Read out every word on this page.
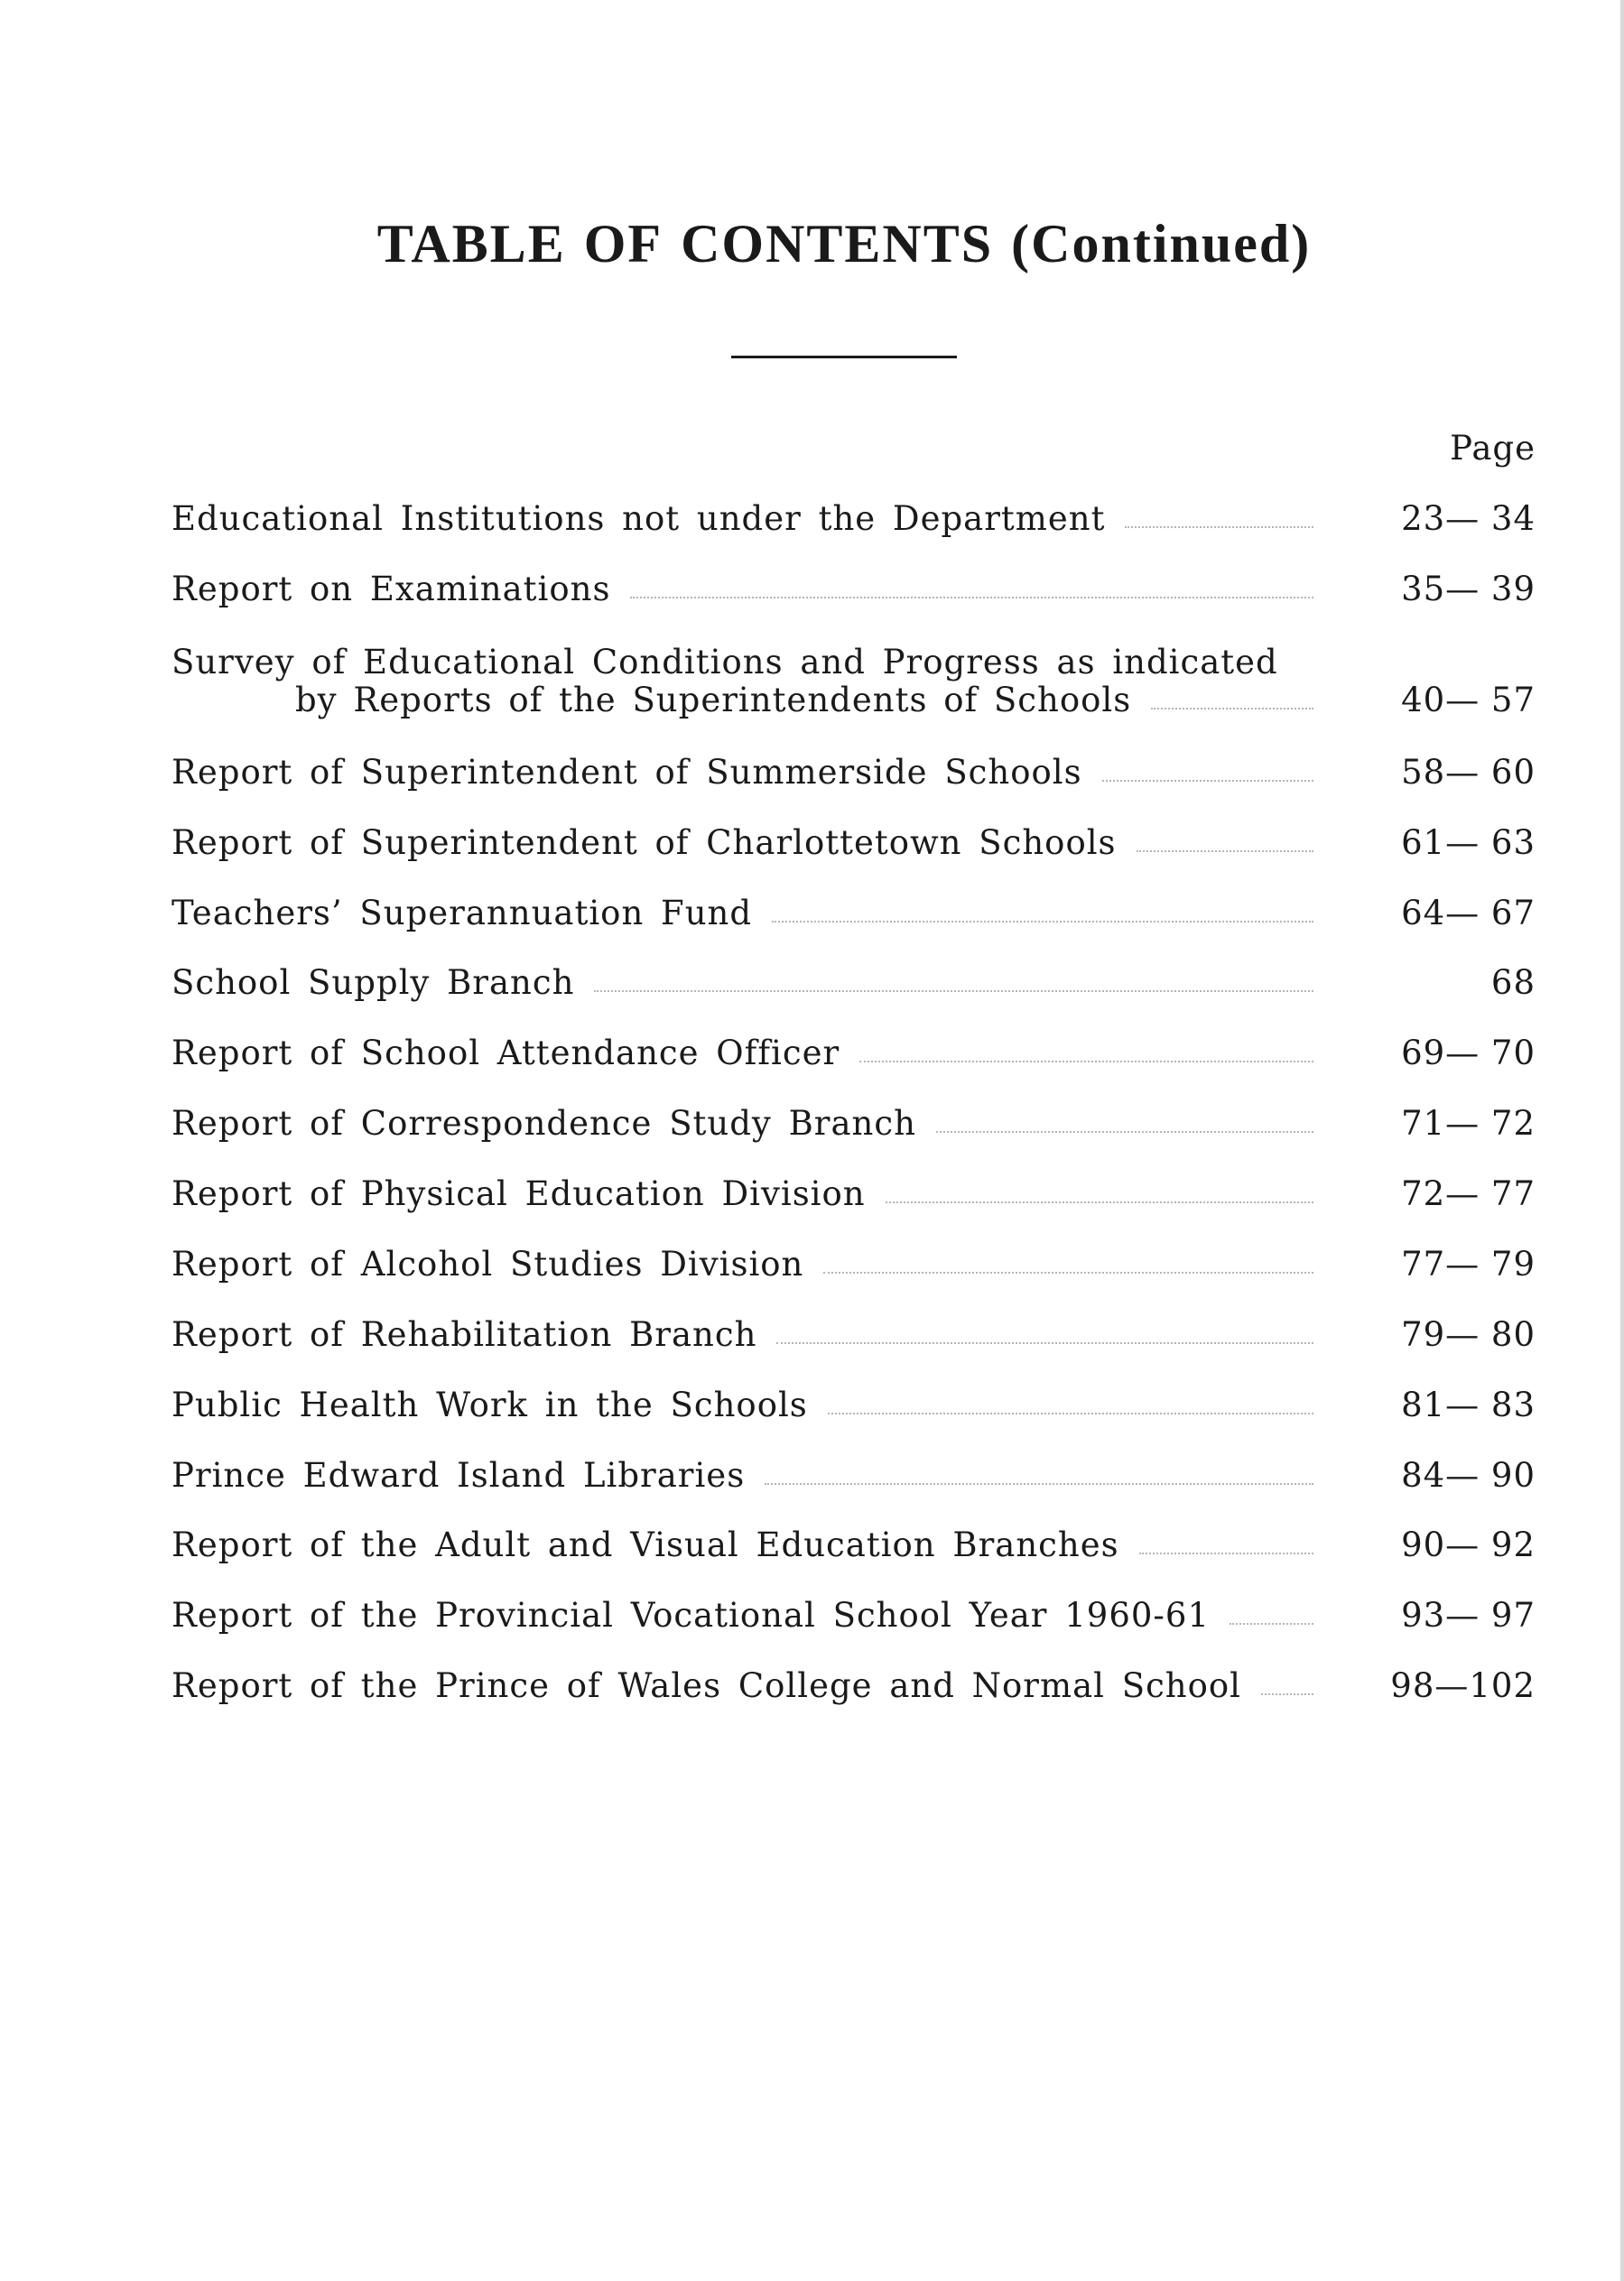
TABLE OF CONTENTS (Continued)
Page
Educational Institutions not under the Department	23— 34
Report on Examinations	35— 39
Survey of Educational Conditions and Progress as indicated
by Reports of the Superintendents of Schools	40— 57
Report of Superintendent of Summerside Schools	58— 60
Report of Superintendent of Charlottetown Schools	61— 63
Teachers’ Superannuation Fund	64— 67
School Supply Branch	68
Report of School Attendance Officer	69— 70
Report of Correspondence Study Branch	71— 72
Report of Physical Education Division	72— 77
Report of Alcohol Studies Division	77— 79
Report of Rehabilitation Branch	79— 80
Public Health Work in the Schools	81— 83
Prince Edward Island Libraries	84— 90
Report of the Adult and Visual Education Branches	90— 92
Report of the Provincial Vocational School Year 1960-61	93— 97
Report of the Prince of Wales College and Normal School	98—102
